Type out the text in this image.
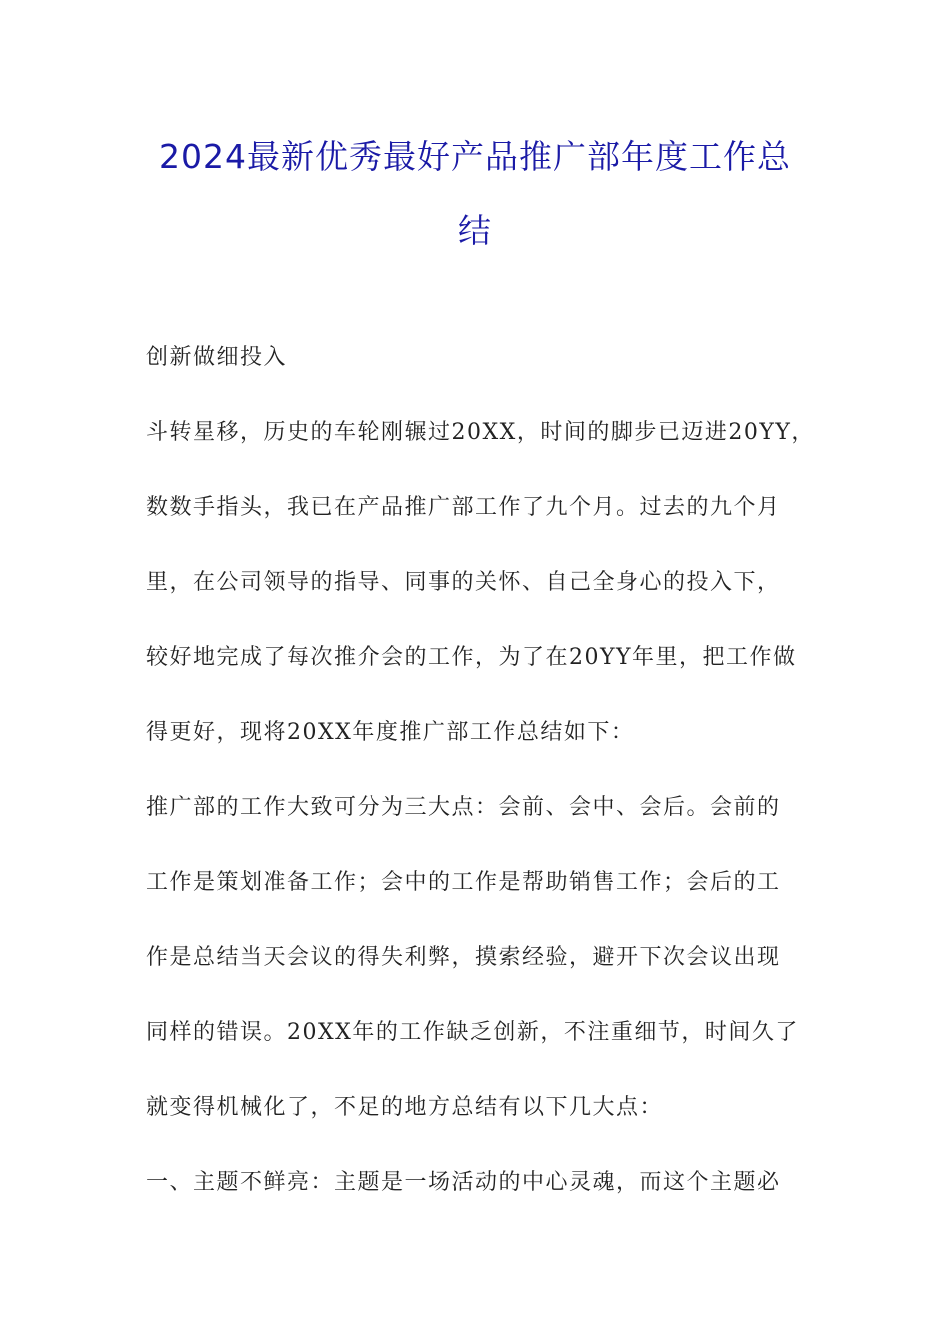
2024最新优秀最好产品推广部年度工作总
结
创新做细投入
斗转星移，历史的车轮刚辗过20XX，时间的脚步已迈进20YY，
数数手指头，我已在产品推广部工作了九个月。过去的九个月
里，在公司领导的指导、同事的关怀、自己全身心的投入下，
较好地完成了每次推介会的工作，为了在20YY年里，把工作做
得更好，现将20XX年度推广部工作总结如下：
推广部的工作大致可分为三大点：会前、会中、会后。会前的
工作是策划准备工作；会中的工作是帮助销售工作；会后的工
作是总结当天会议的得失利弊，摸索经验，避开下次会议出现
同样的错误。20XX年的工作缺乏创新，不注重细节，时间久了
就变得机械化了，不足的地方总结有以下几大点：
一、主题不鲜亮：主题是一场活动的中心灵魂，而这个主题必
